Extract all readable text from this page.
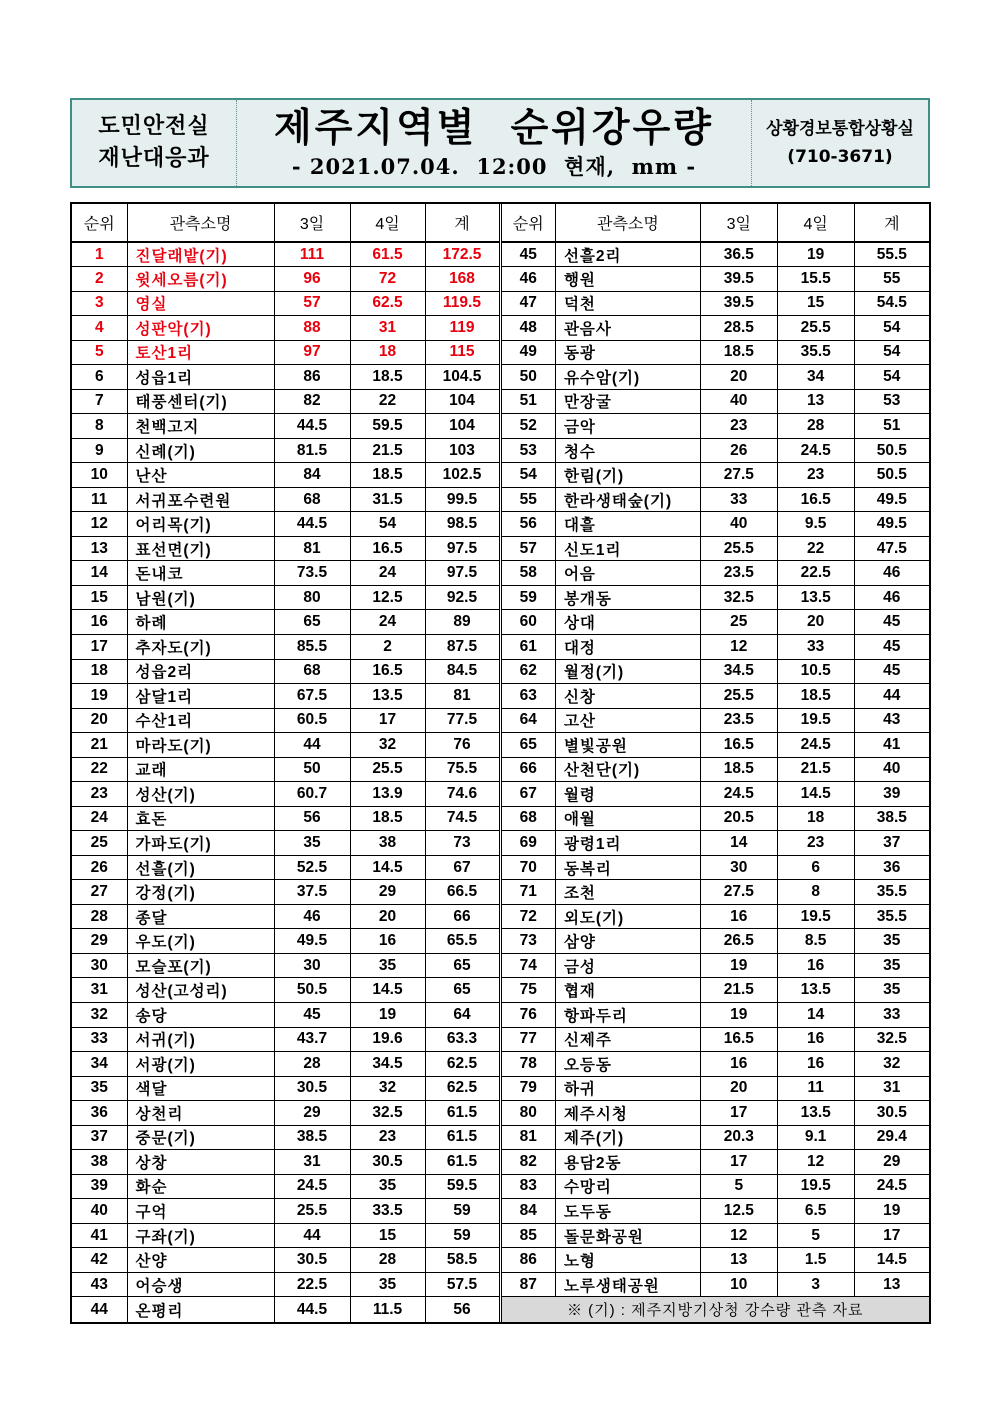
도민안전실
재난대응과
제주지역별  순위강우량
- 2021.07.04.  12:00  현재,  mm -
상황경보통합상황실
(710-3671)
순위	관측소명	3일	4일	계
1	진달래밭(기)	111	61.5	172.5
2	윗세오름(기)	96	72	168
3	영실	57	62.5	119.5
4	성판악(기)	88	31	119
5	토산1리	97	18	115
6	성읍1리	86	18.5	104.5
7	태풍센터(기)	82	22	104
8	천백고지	44.5	59.5	104
9	신례(기)	81.5	21.5	103
10	난산	84	18.5	102.5
11	서귀포수련원	68	31.5	99.5
12	어리목(기)	44.5	54	98.5
13	표선면(기)	81	16.5	97.5
14	돈내코	73.5	24	97.5
15	남원(기)	80	12.5	92.5
16	하례	65	24	89
17	추자도(기)	85.5	2	87.5
18	성읍2리	68	16.5	84.5
19	삼달1리	67.5	13.5	81
20	수산1리	60.5	17	77.5
21	마라도(기)	44	32	76
22	교래	50	25.5	75.5
23	성산(기)	60.7	13.9	74.6
24	효돈	56	18.5	74.5
25	가파도(기)	35	38	73
26	선흘(기)	52.5	14.5	67
27	강정(기)	37.5	29	66.5
28	종달	46	20	66
29	우도(기)	49.5	16	65.5
30	모슬포(기)	30	35	65
31	성산(고성리)	50.5	14.5	65
32	송당	45	19	64
33	서귀(기)	43.7	19.6	63.3
34	서광(기)	28	34.5	62.5
35	색달	30.5	32	62.5
36	상천리	29	32.5	61.5
37	중문(기)	38.5	23	61.5
38	상창	31	30.5	61.5
39	화순	24.5	35	59.5
40	구억	25.5	33.5	59
41	구좌(기)	44	15	59
42	산양	30.5	28	58.5
43	어승생	22.5	35	57.5
44	온평리	44.5	11.5	56
순위	관측소명	3일	4일	계
45	선흘2리	36.5	19	55.5
46	행원	39.5	15.5	55
47	덕천	39.5	15	54.5
48	관음사	28.5	25.5	54
49	동광	18.5	35.5	54
50	유수암(기)	20	34	54
51	만장굴	40	13	53
52	금악	23	28	51
53	청수	26	24.5	50.5
54	한림(기)	27.5	23	50.5
55	한라생태숲(기)	33	16.5	49.5
56	대흘	40	9.5	49.5
57	신도1리	25.5	22	47.5
58	어음	23.5	22.5	46
59	봉개동	32.5	13.5	46
60	상대	25	20	45
61	대정	12	33	45
62	월정(기)	34.5	10.5	45
63	신창	25.5	18.5	44
64	고산	23.5	19.5	43
65	별빛공원	16.5	24.5	41
66	산천단(기)	18.5	21.5	40
67	월령	24.5	14.5	39
68	애월	20.5	18	38.5
69	광령1리	14	23	37
70	동복리	30	6	36
71	조천	27.5	8	35.5
72	외도(기)	16	19.5	35.5
73	삼양	26.5	8.5	35
74	금성	19	16	35
75	협재	21.5	13.5	35
76	항파두리	19	14	33
77	신제주	16.5	16	32.5
78	오등동	16	16	32
79	하귀	20	11	31
80	제주시청	17	13.5	30.5
81	제주(기)	20.3	9.1	29.4
82	용담2동	17	12	29
83	수망리	5	19.5	24.5
84	도두동	12.5	6.5	19
85	돌문화공원	12	5	17
86	노형	13	1.5	14.5
87	노루생태공원	10	3	13
※ (기) : 제주지방기상청 강수량 관측 자료				
